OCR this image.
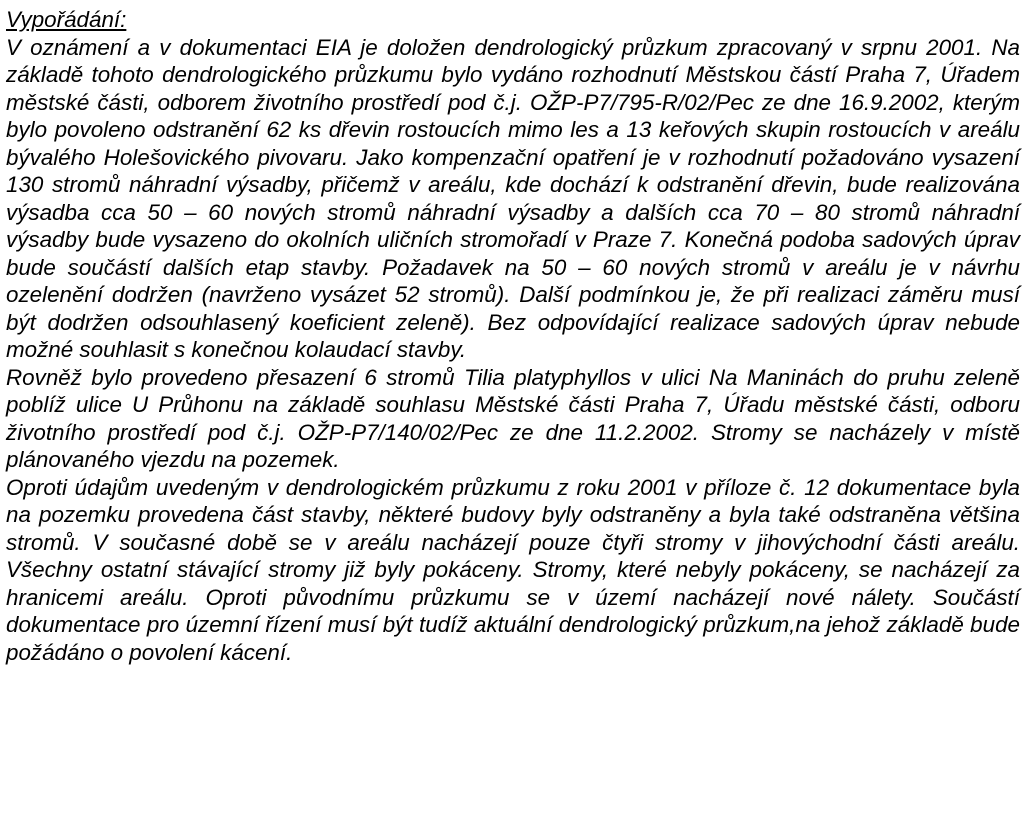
Vypořádání:

V oznámení a v dokumentaci EIA je doložen dendrologický průzkum zpracovaný v srpnu 2001. Na základě tohoto dendrologického průzkumu bylo vydáno rozhodnutí Městskou částí Praha 7, Úřadem městské části, odborem životního prostředí pod č.j. OŽP-P7/795-R/02/Pec ze dne 16.9.2002, kterým bylo povoleno odstranění 62 ks dřevin rostoucích mimo les a 13 keřových skupin rostoucích v areálu bývalého Holešovického pivovaru. Jako kompenzační opatření je v rozhodnutí požadováno vysazení 130 stromů náhradní výsadby, přičemž v areálu, kde dochází k odstranění dřevin, bude realizována výsadba cca 50 – 60 nových stromů náhradní výsadby a dalších cca 70 – 80 stromů náhradní výsadby bude vysazeno do okolních uličních stromořadí v Praze 7. Konečná podoba sadových úprav bude součástí dalších etap stavby. Požadavek na 50 – 60 nových stromů v areálu je v návrhu ozelenění dodržen (navrženo vysázet 52 stromů). Další podmínkou je, že při realizaci záměru musí být dodržen odsouhlasený koeficient zeleně). Bez odpovídající realizace sadových úprav nebude možné souhlasit s konečnou kolaudací stavby.

Rovněž bylo provedeno přesazení 6 stromů Tilia platyphyllos v ulici Na Maninách do pruhu zeleně poblíž ulice U Průhonu na základě souhlasu Městské části Praha 7, Úřadu městské části, odboru životního prostředí pod č.j. OŽP-P7/140/02/Pec ze dne 11.2.2002. Stromy se nacházely v místě plánovaného vjezdu na pozemek.

Oproti údajům uvedeným v dendrologickém průzkumu z roku 2001 v příloze č. 12 dokumentace byla na pozemku provedena část stavby, některé budovy byly odstraněny a byla také odstraněna většina stromů. V současné době se v areálu nacházejí pouze čtyři stromy v jihovýchodní části areálu. Všechny ostatní stávající stromy již byly pokáceny. Stromy, které nebyly pokáceny, se nacházejí za hranicemi areálu. Oproti původnímu průzkumu se v území nacházejí nové nálety. Součástí dokumentace pro územní řízení musí být tudíž aktuální dendrologický průzkum,na jehož základě bude požádáno o povolení kácení.
